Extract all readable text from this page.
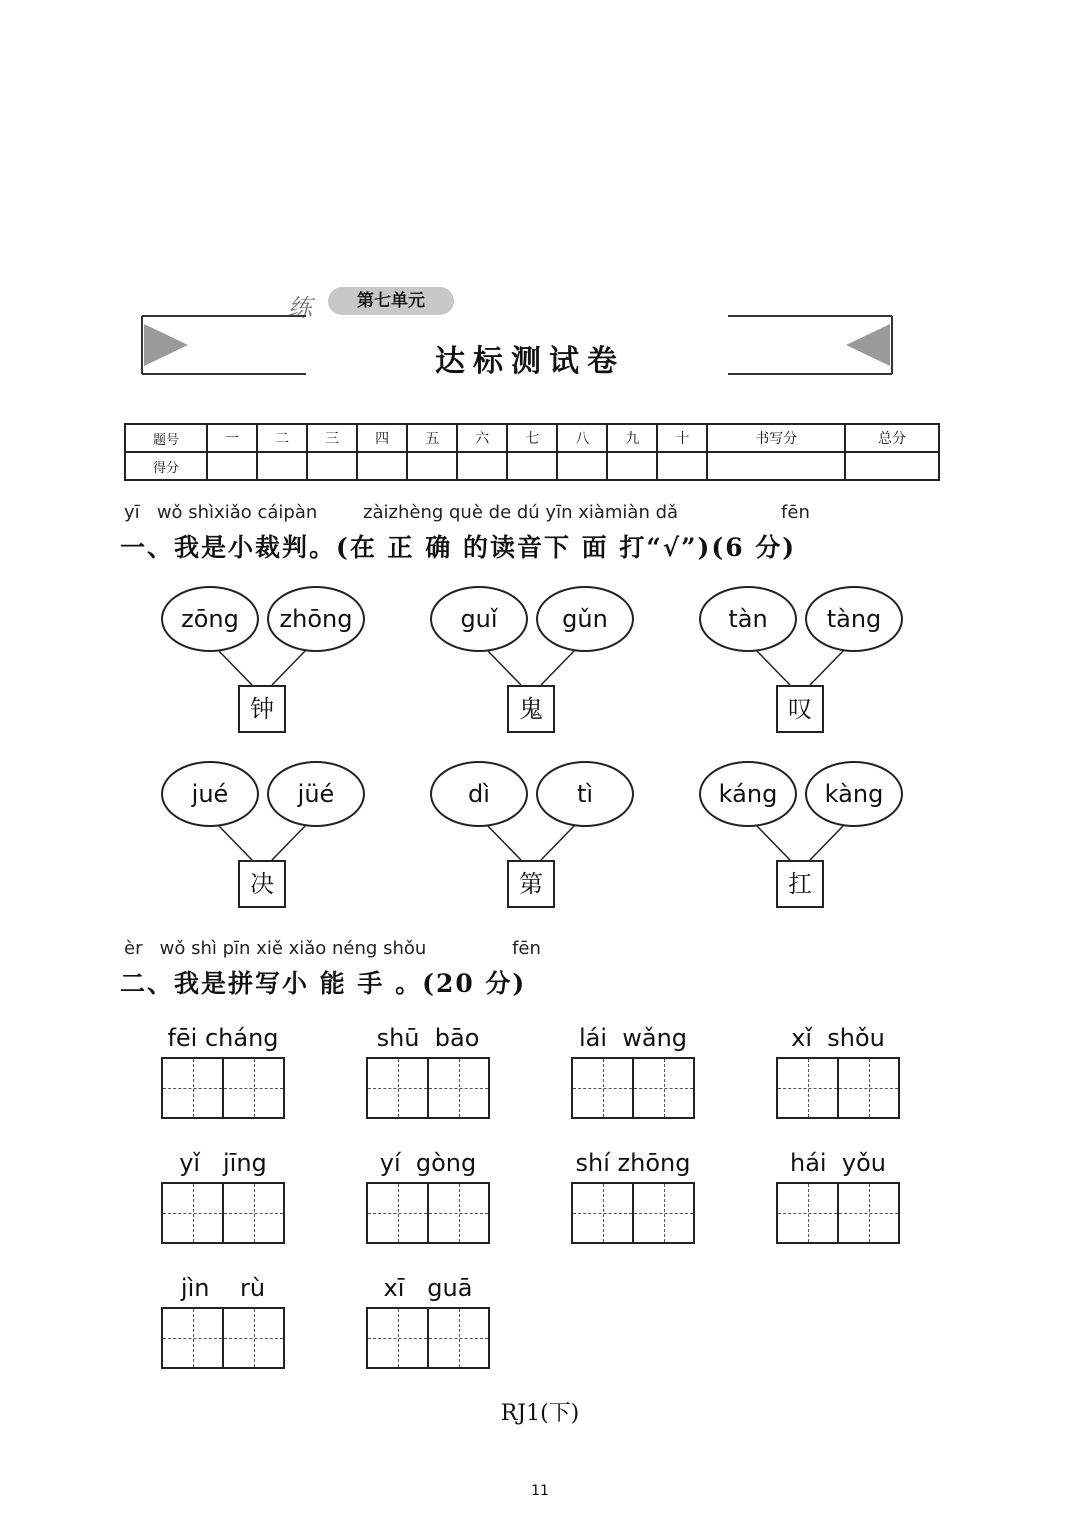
练	第七单元
达标测试卷
题号	一	二	三	四	五	六	七	八	九	十	书写分	总分
得分												
yī   wǒ shìxiǎo cáipàn        zàizhèng què de dú yīn xiàmiàn dǎ                  fēn
一、我是小裁判。(在 正 确 的读音下 面 打“√”)(6 分)
zōng	zhōng
钟
guǐ	gǔn
鬼
tàn	tàng
叹
jué	jüé
决
dì	tì
第
káng	kàng
扛
èr   wǒ shì pīn xiě xiǎo néng shǒu               fēn
二、我是拼写小 能 手 。(20 分)
fēi cháng	shū  bāo	lái  wǎng	xǐ  shǒu
yǐ   jīng	yí  gòng	shí zhōng	hái  yǒu
jìn    rù	xī   guā
RJ1(下)
11
